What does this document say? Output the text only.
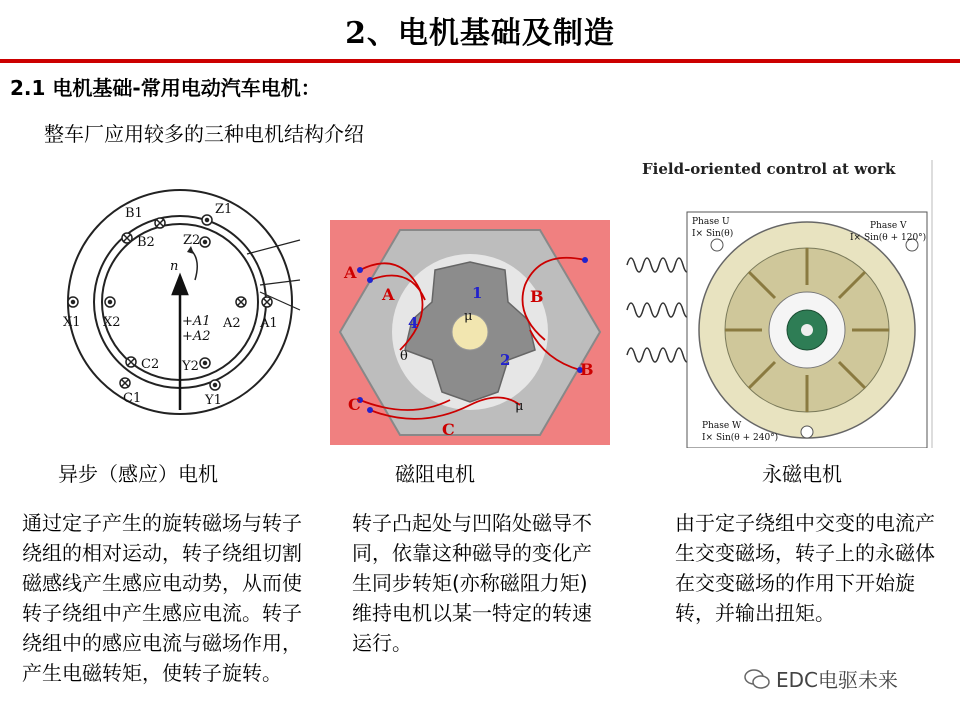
2、电机基础及制造
2.1 电机基础-常用电动汽车电机：
整车厂应用较多的三种电机结构介绍
B1	Z1
B2 Z2
n
X1 X2	+A1
+A2
A2 A1
C2 Y2
C1	Y1
A
A	B
B
C
C
1
2
4	μ
μ
θ
Field-oriented control at work
Phase U
I× Sin(θ)
Phase V
I× Sin(θ + 120°)
Phase W
I× Sin(θ + 240°)
异步（感应）电机	磁阻电机	永磁电机
通过定子产生的旋转磁场与转子绕组的相对运动，转子绕组切割磁感线产生感应电动势，从而使转子绕组中产生感应电流。转子绕组中的感应电流与磁场作用，产生电磁转矩，使转子旋转。
转子凸起处与凹陷处磁导不同，依靠这种磁导的变化产生同步转矩(亦称磁阻力矩) 维持电机以某一特定的转速运行。
由于定子绕组中交变的电流产生交变磁场，转子上的永磁体在交变磁场的作用下开始旋转，并输出扭矩。
EDC电驱未来
